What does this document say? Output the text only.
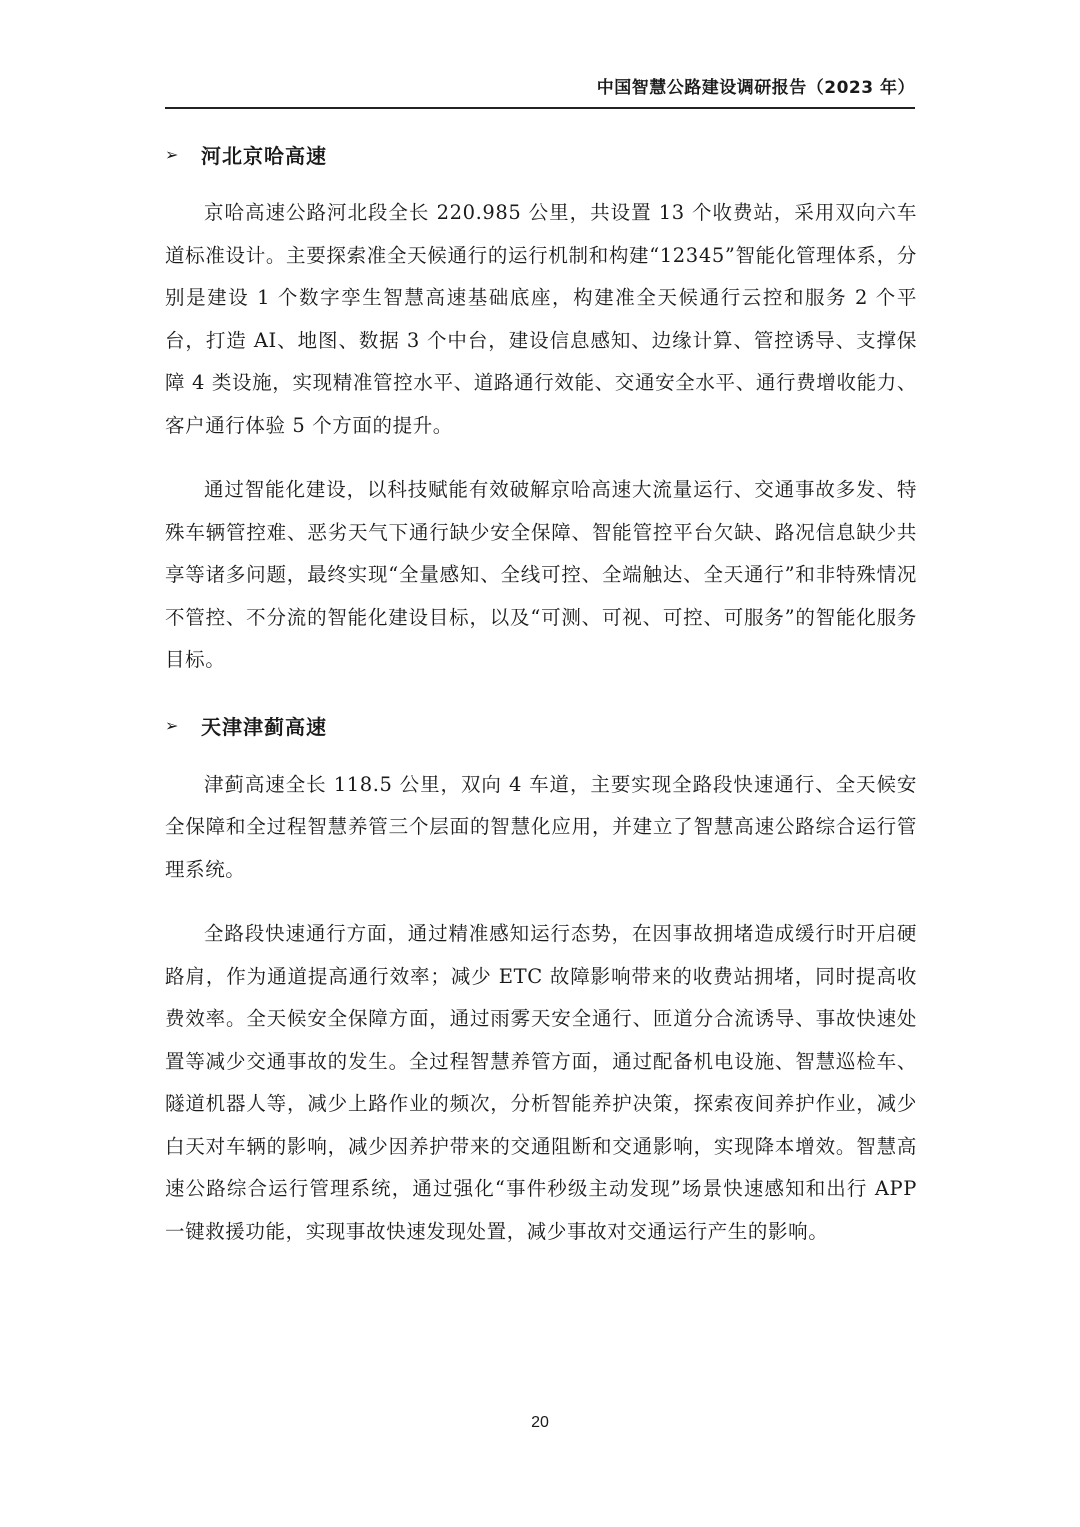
中国智慧公路建设调研报告（2023 年）
➢	河北京哈高速

京哈高速公路河北段全长 220.985 公里，共设置 13 个收费站，采用双向六车道标准设计。主要探索准全天候通行的运行机制和构建“12345”智能化管理体系，分别是建设 1 个数字孪生智慧高速基础底座，构建准全天候通行云控和服务 2 个平台，打造 AI、地图、数据 3 个中台，建设信息感知、边缘计算、管控诱导、支撑保障 4 类设施，实现精准管控水平、道路通行效能、交通安全水平、通行费增收能力、客户通行体验 5 个方面的提升。

通过智能化建设，以科技赋能有效破解京哈高速大流量运行、交通事故多发、特殊车辆管控难、恶劣天气下通行缺少安全保障、智能管控平台欠缺、路况信息缺少共享等诸多问题，最终实现“全量感知、全线可控、全端触达、全天通行”和非特殊情况不管控、不分流的智能化建设目标，以及“可测、可视、可控、可服务”的智能化服务目标。

➢	天津津蓟高速

津蓟高速全长 118.5 公里，双向 4 车道，主要实现全路段快速通行、全天候安全保障和全过程智慧养管三个层面的智慧化应用，并建立了智慧高速公路综合运行管理系统。

全路段快速通行方面，通过精准感知运行态势，在因事故拥堵造成缓行时开启硬路肩，作为通道提高通行效率；减少 ETC 故障影响带来的收费站拥堵，同时提高收费效率。全天候安全保障方面，通过雨雾天安全通行、匝道分合流诱导、事故快速处置等减少交通事故的发生。全过程智慧养管方面，通过配备机电设施、智慧巡检车、隧道机器人等，减少上路作业的频次，分析智能养护决策，探索夜间养护作业，减少白天对车辆的影响，减少因养护带来的交通阻断和交通影响，实现降本增效。智慧高速公路综合运行管理系统，通过强化“事件秒级主动发现”场景快速感知和出行 APP 一键救援功能，实现事故快速发现处置，减少事故对交通运行产生的影响。

20
